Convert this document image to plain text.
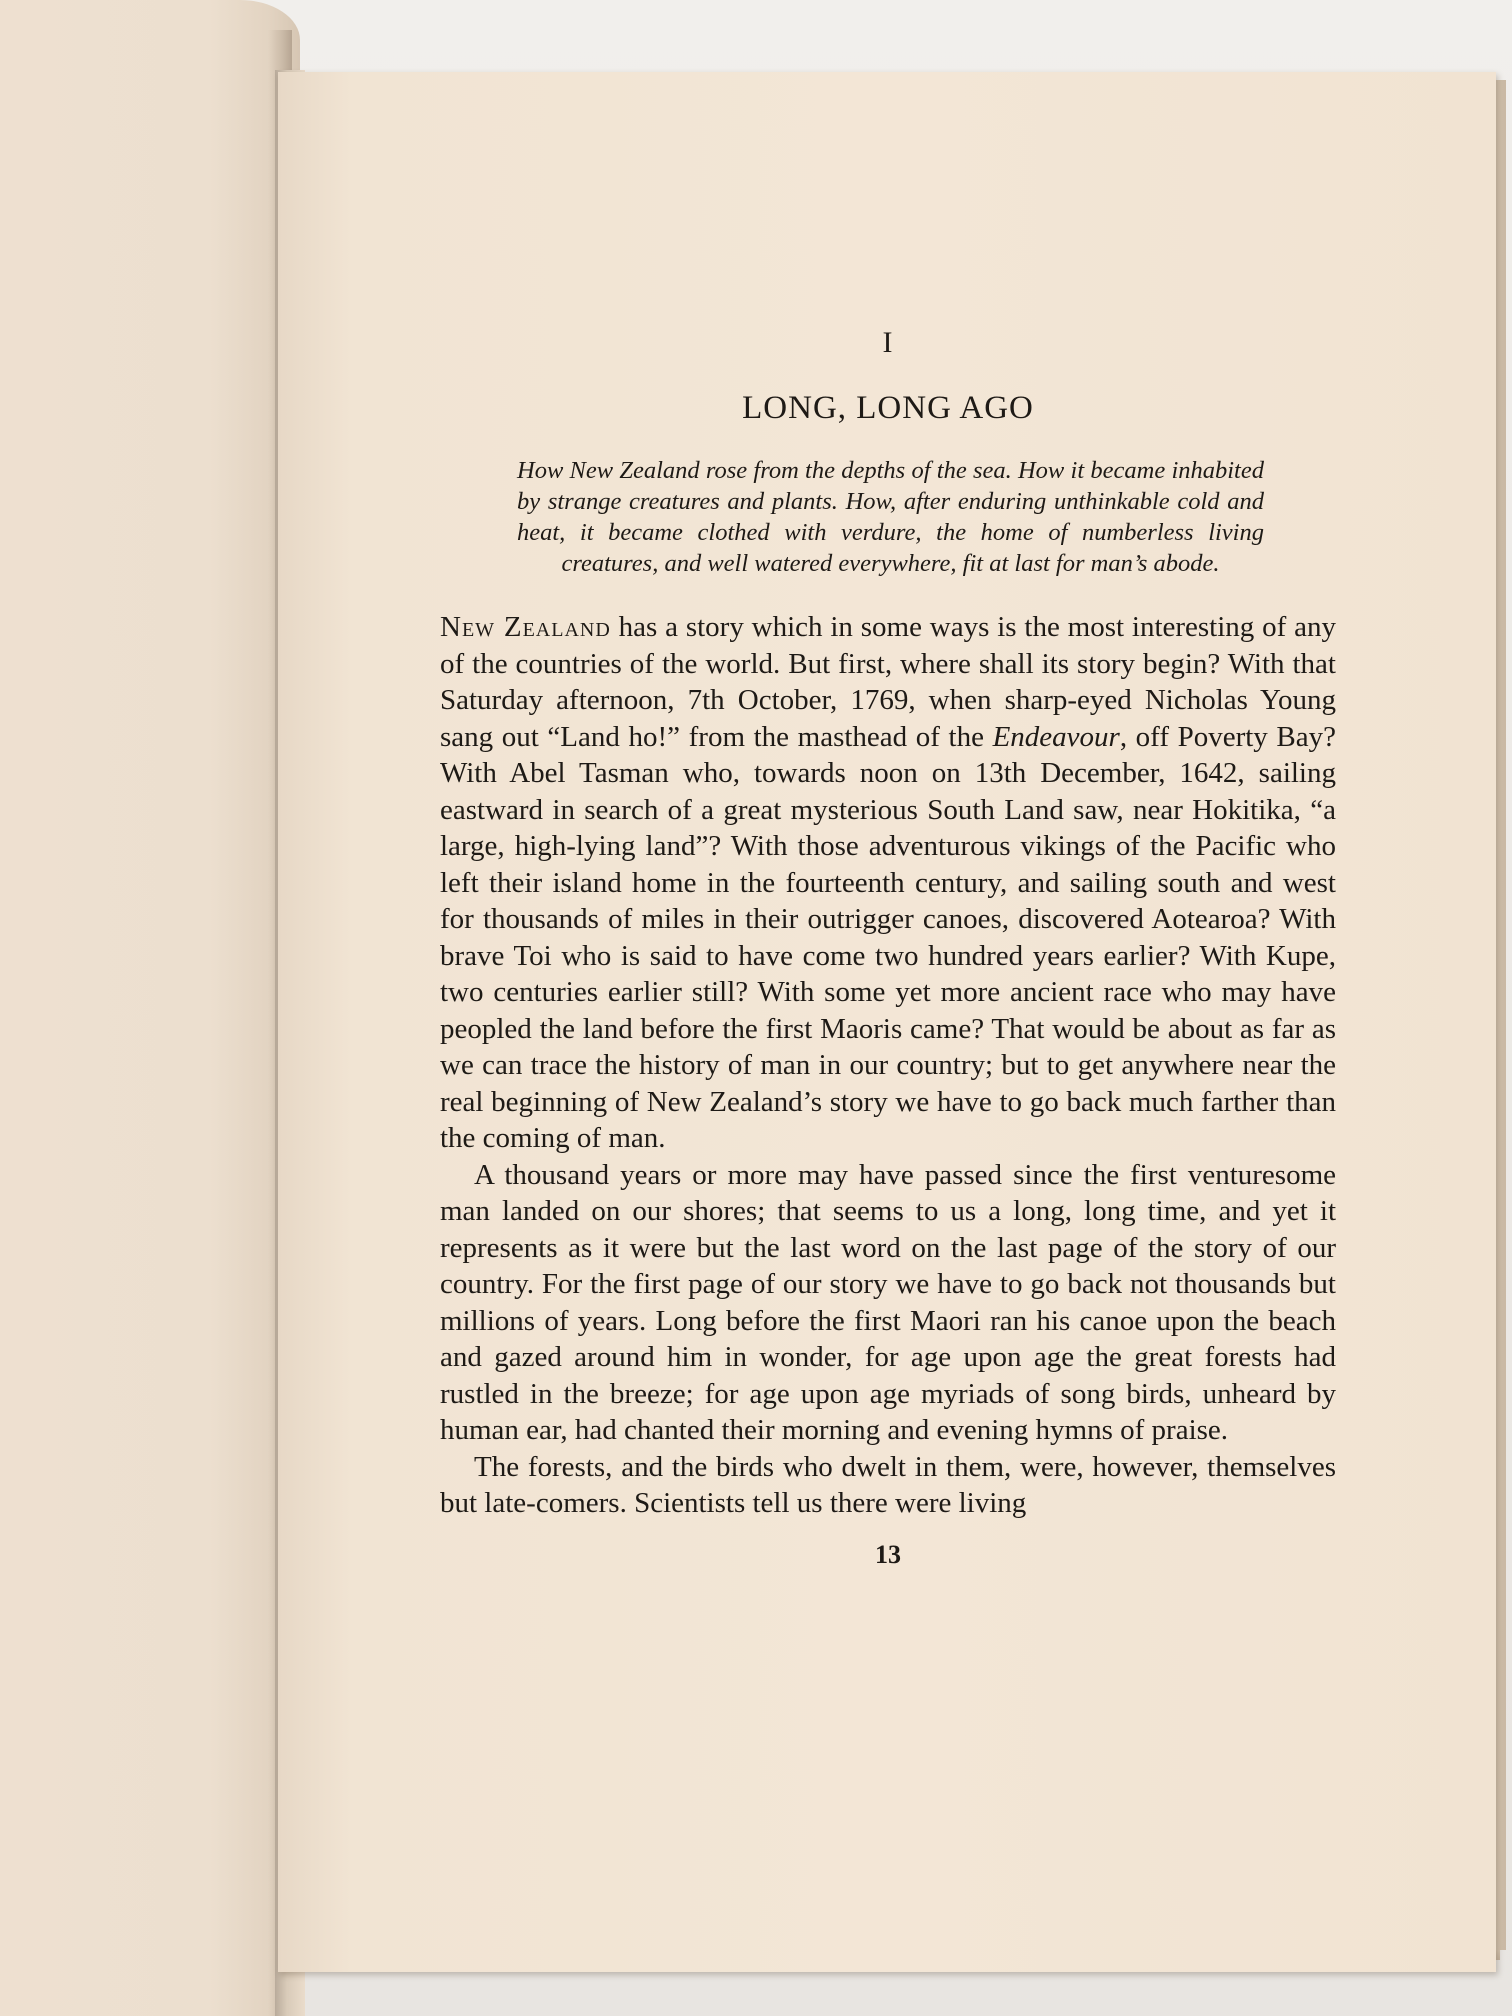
I
LONG, LONG AGO
How New Zealand rose from the depths of the sea. How it became inhabited by strange creatures and plants. How, after enduring unthinkable cold and heat, it became clothed with verdure, the home of numberless living creatures, and well watered everywhere, fit at last for man’s abode.

New Zealand has a story which in some ways is the most interesting of any of the countries of the world. But first, where shall its story begin? With that Saturday afternoon, 7th October, 1769, when sharp-eyed Nicholas Young sang out “Land ho!” from the masthead of the Endeavour, off Poverty Bay? With Abel Tasman who, towards noon on 13th December, 1642, sailing eastward in search of a great mysterious South Land saw, near Hokitika, “a large, high-lying land”? With those adventurous vikings of the Pacific who left their island home in the fourteenth century, and sailing south and west for thousands of miles in their outrigger canoes, discovered Aotearoa? With brave Toi who is said to have come two hundred years earlier? With Kupe, two centuries earlier still? With some yet more ancient race who may have peopled the land before the first Maoris came? That would be about as far as we can trace the history of man in our country; but to get anywhere near the real beginning of New Zealand’s story we have to go back much farther than the coming of man.

A thousand years or more may have passed since the first venturesome man landed on our shores; that seems to us a long, long time, and yet it represents as it were but the last word on the last page of the story of our country. For the first page of our story we have to go back not thousands but millions of years. Long before the first Maori ran his canoe upon the beach and gazed around him in wonder, for age upon age the great forests had rustled in the breeze; for age upon age myriads of song birds, unheard by human ear, had chanted their morning and evening hymns of praise.

The forests, and the birds who dwelt in them, were, however, themselves but late-comers. Scientists tell us there were living

13
